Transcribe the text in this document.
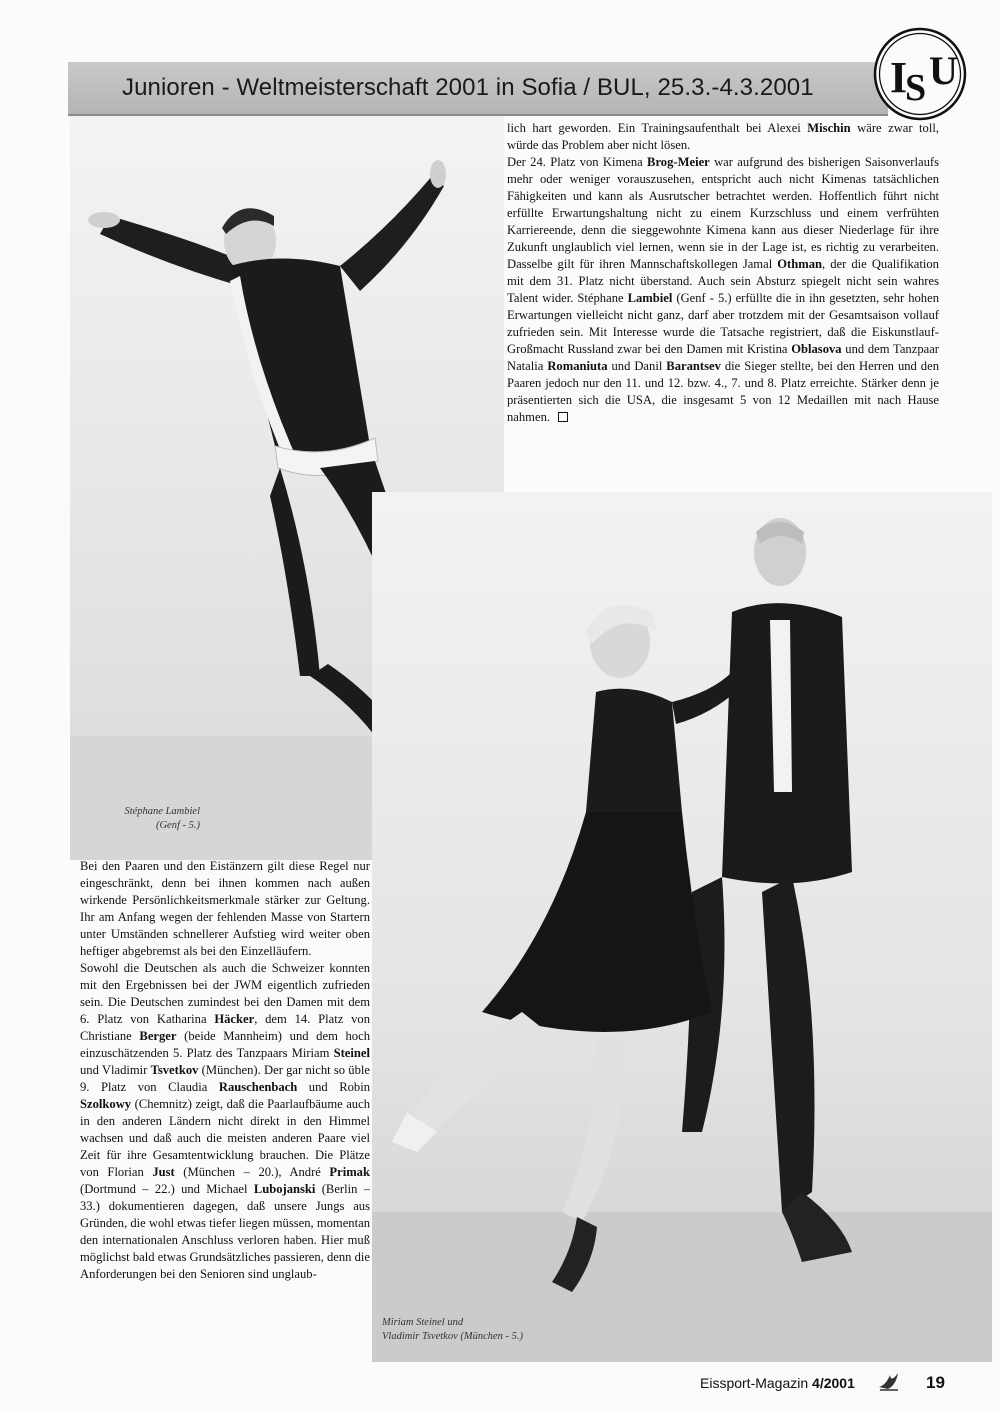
Junioren - Weltmeisterschaft 2001 in Sofia / BUL, 25.3.-4.3.2001 I
S U
Stéphane Lambiel
(Genf - 5.)
Miriam Steinel und
Vladimir Tsvetkov (München - 5.)

lich hart geworden. Ein Trainingsaufenthalt bei Alexei Mischin wäre zwar toll, würde das Problem aber nicht lösen.

Der 24. Platz von Kimena Brog-Meier war aufgrund des bisherigen Saisonverlaufs mehr oder weniger vorauszusehen, entspricht auch nicht Kimenas tatsächlichen Fähigkeiten und kann als Ausrutscher betrachtet werden. Hoffentlich führt nicht erfüllte Erwartungshaltung nicht zu einem Kurzschluss und einem verfrühten Karriereende, denn die sieggewohnte Kimena kann aus dieser Niederlage für ihre Zukunft unglaublich viel lernen, wenn sie in der Lage ist, es richtig zu verarbeiten. Dasselbe gilt für ihren Mannschaftskollegen Jamal Othman, der die Qualifikation mit dem 31. Platz nicht überstand. Auch sein Absturz spiegelt nicht sein wahres Talent wider. Stéphane Lambiel (Genf - 5.) erfüllte die in ihn gesetzten, sehr hohen Erwartungen vielleicht nicht ganz, darf aber trotzdem mit der Gesamtsaison vollauf zufrieden sein. Mit Interesse wurde die Tatsache registriert, daß die Eiskunstlauf-Großmacht Russland zwar bei den Damen mit Kristina Oblasova und dem Tanzpaar Natalia Romaniuta und Danil Barantsev die Sieger stellte, bei den Herren und den Paaren jedoch nur den 11. und 12. bzw. 4., 7. und 8. Platz erreichte. Stärker denn je präsentierten sich die USA, die insgesamt 5 von 12 Medaillen mit nach Hause nahmen.

Bei den Paaren und den Eistänzern gilt diese Regel nur eingeschränkt, denn bei ihnen kommen nach außen wirkende Persönlichkeitsmerkmale stärker zur Geltung. Ihr am Anfang wegen der fehlenden Masse von Startern unter Umständen schnellerer Aufstieg wird weiter oben heftiger abgebremst als bei den Einzelläufern.

Sowohl die Deutschen als auch die Schweizer konnten mit den Ergebnissen bei der JWM eigentlich zufrieden sein. Die Deutschen zumindest bei den Damen mit dem 6. Platz von Katharina Häcker, dem 14. Platz von Christiane Berger (beide Mannheim) und dem hoch einzuschätzenden 5. Platz des Tanzpaars Miriam Steinel und Vladimir Tsvetkov (München). Der gar nicht so üble 9. Platz von Claudia Rauschenbach und Robin Szolkowy (Chemnitz) zeigt, daß die Paarlaufbäume auch in den anderen Ländern nicht direkt in den Himmel wachsen und daß auch die meisten anderen Paare viel Zeit für ihre Gesamtentwicklung brauchen. Die Plätze von Florian Just (München – 20.), André Primak (Dortmund – 22.) und Michael Lubojanski (Berlin – 33.) dokumentieren dagegen, daß unsere Jungs aus Gründen, die wohl etwas tiefer liegen müssen, momentan den internationalen Anschluss verloren haben. Hier muß möglichst bald etwas Grundsätzliches passieren, denn die Anforderungen bei den Senioren sind unglaub-

Eissport-Magazin 4/2001	19
